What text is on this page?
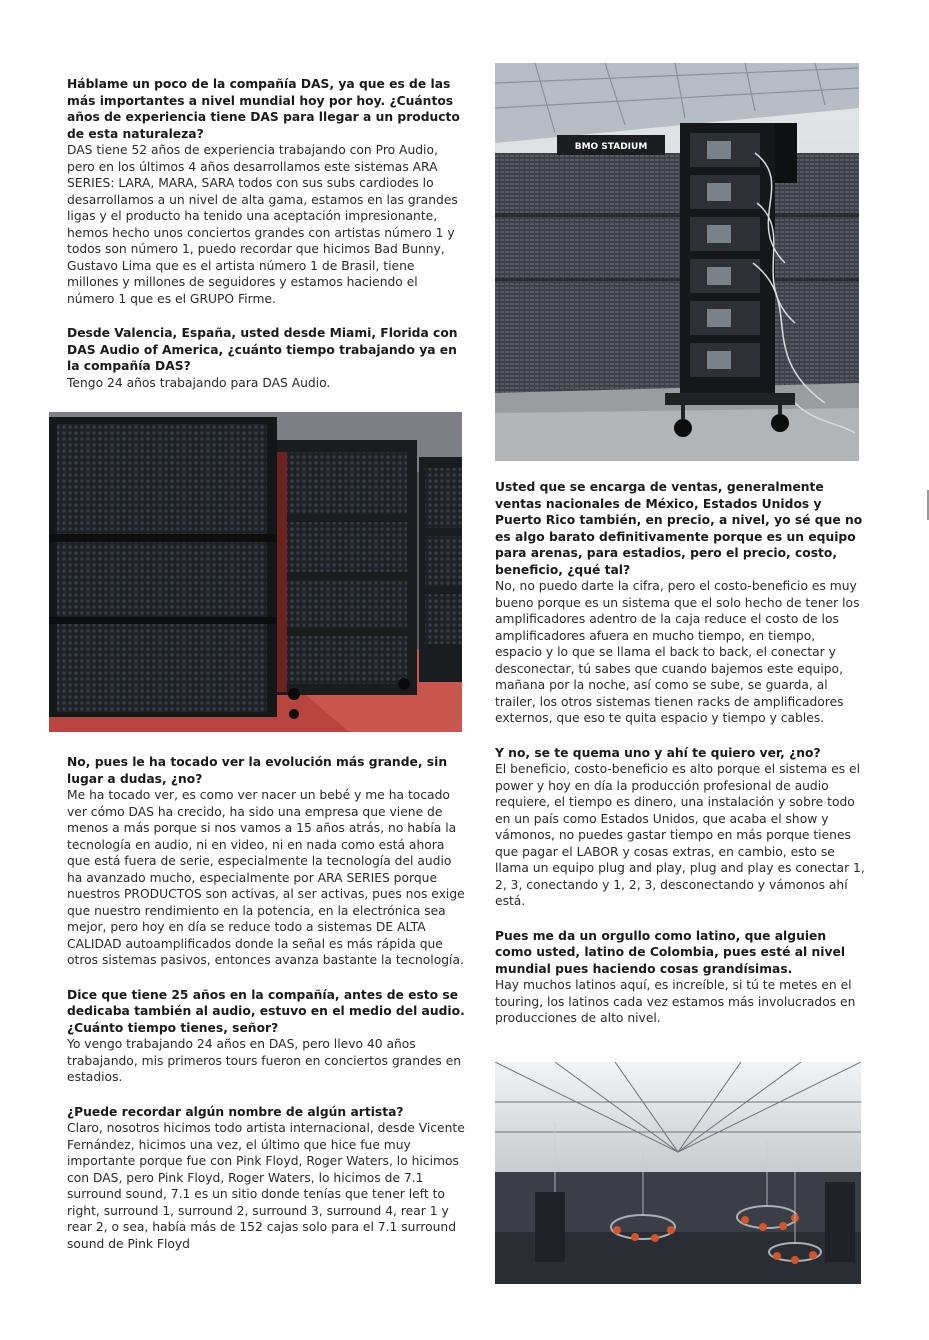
Háblame un poco de la compañía DAS, ya que es de las más importantes a nivel mundial hoy por hoy. ¿Cuántos años de experiencia tiene DAS para llegar a un producto de esta naturaleza?

DAS tiene 52 años de experiencia trabajando con Pro Audio, pero en los últimos 4 años desarrollamos este sistemas ARA SERIES: LARA, MARA, SARA todos con sus subs cardiodes lo desarrollamos a un nivel de alta gama, estamos en las grandes ligas y el producto ha tenido una aceptación impresionante, hemos hecho unos conciertos grandes con artistas número 1 y todos son número 1, puedo recordar que hicimos Bad Bunny, Gustavo Lima que es el artista número 1 de Brasil, tiene millones y millones de seguidores y estamos haciendo el número 1 que es el GRUPO Firme.

Desde Valencia, España, usted desde Miami, Florida con DAS Audio of America, ¿cuánto tiempo trabajando ya en la compañía DAS?

Tengo 24 años trabajando para DAS Audio.

No, pues le ha tocado ver la evolución más grande, sin lugar a dudas, ¿no?

Me ha tocado ver, es como ver nacer un bebé y me ha tocado ver cómo DAS ha crecido, ha sido una empresa que viene de menos a más porque si nos vamos a 15 años atrás, no había la tecnología en audio, ni en video, ni en nada como está ahora que está fuera de serie, especialmente la tecnología del audio ha avanzado mucho, especialmente por ARA SERIES porque nuestros PRODUCTOS son activas, al ser activas, pues nos exige que nuestro rendimiento en la potencia, en la electrónica sea mejor, pero hoy en día se reduce todo a sistemas DE ALTA CALIDAD autoamplificados donde la señal es más rápida que otros sistemas pasivos, entonces avanza bastante la tecnología.

Dice que tiene 25 años en la compañía, antes de esto se dedicaba también al audio, estuvo en el medio del audio. ¿Cuánto tiempo tienes, señor?

Yo vengo trabajando 24 años en DAS, pero llevo 40 años trabajando, mis primeros tours fueron en conciertos grandes en estadios.

¿Puede recordar algún nombre de algún artista?

Claro, nosotros hicimos todo artista internacional, desde Vicente Fernández, hicimos una vez, el último que hice fue muy importante porque fue con Pink Floyd, Roger Waters, lo hicimos con DAS, pero Pink Floyd, Roger Waters, lo hicimos de 7.1 surround sound, 7.1 es un sitio donde tenías que tener left to right, surround 1, surround 2, surround 3, surround 4, rear 1 y rear 2, o sea, había más de 152 cajas solo para el 7.1 surround sound de Pink Floyd

BMO STADIUM

Usted que se encarga de ventas, generalmente ventas nacionales de México, Estados Unidos y Puerto Rico también, en precio, a nivel, yo sé que no es algo barato definitivamente porque es un equipo para arenas, para estadios, pero el precio, costo, beneficio, ¿qué tal?

No, no puedo darte la cifra, pero el costo-beneficio es muy bueno porque es un sistema que el solo hecho de tener los amplificadores adentro de la caja reduce el costo de los amplificadores afuera en mucho tiempo, en tiempo, espacio y lo que se llama el back to back, el conectar y desconectar, tú sabes que cuando bajemos este equipo, mañana por la noche, así como se sube, se guarda, al trailer, los otros sistemas tienen racks de amplificadores externos, que eso te quita espacio y tiempo y cables.

Y no, se te quema uno y ahí te quiero ver, ¿no?

El beneficio, costo-beneficio es alto porque el sistema es el power y hoy en día la producción profesional de audio requiere, el tiempo es dinero, una instalación y sobre todo en un país como Estados Unidos, que acaba el show y vámonos, no puedes gastar tiempo en más porque tienes que pagar el LABOR y cosas extras, en cambio, esto se llama un equipo plug and play, plug and play es conectar 1, 2, 3, conectando y 1, 2, 3, desconectando y vámonos ahí está.

Pues me da un orgullo como latino, que alguien como usted, latino de Colombia, pues esté al nivel mundial pues haciendo cosas grandísimas.

Hay muchos latinos aquí, es increíble, si tú te metes en el touring, los latinos cada vez estamos más involucrados en producciones de alto nivel.
